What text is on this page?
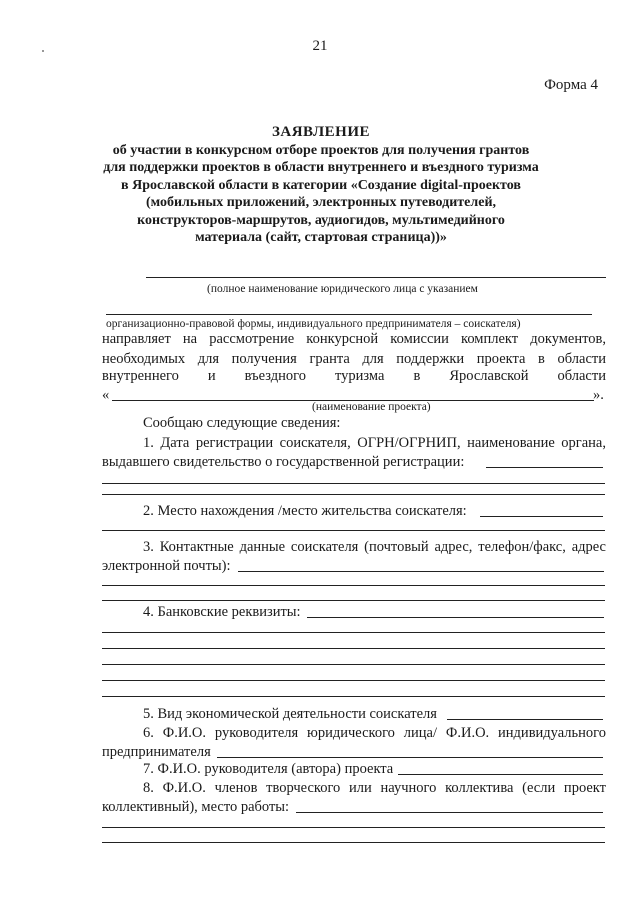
21
Форма 4
ЗАЯВЛЕНИЕ
об участии в конкурсном отборе проектов для получения грантов
для поддержки проектов в области внутреннего и въездного туризма
в Ярославской области в категории «Создание digital-проектов
(мобильных приложений, электронных путеводителей,
конструкторов-маршрутов, аудиогидов, мультимедийного
материала (сайт, стартовая страница))»
(полное наименование юридического лица с указанием
организационно-правовой формы, индивидуального предпринимателя – соискателя)
направляет на рассмотрение конкурсной комиссии комплект документов,
необходимых для получения гранта для поддержки проекта в области
внутреннего и въездного туризма в Ярославской области
«	».
(наименование проекта)
Сообщаю следующие сведения:
1. Дата регистрации соискателя, ОГРН/ОГРНИП, наименование органа,
выдавшего свидетельство о государственной регистрации:
2. Место нахождения /место жительства соискателя:
3. Контактные данные соискателя (почтовый адрес, телефон/факс, адрес
электронной почты):
4. Банковские реквизиты:
5. Вид экономической деятельности соискателя
6. Ф.И.О. руководителя юридического лица/ Ф.И.О. индивидуального
предпринимателя
7. Ф.И.О. руководителя (автора) проекта
8. Ф.И.О. членов творческого или научного коллектива (если проект
коллективный), место работы:
